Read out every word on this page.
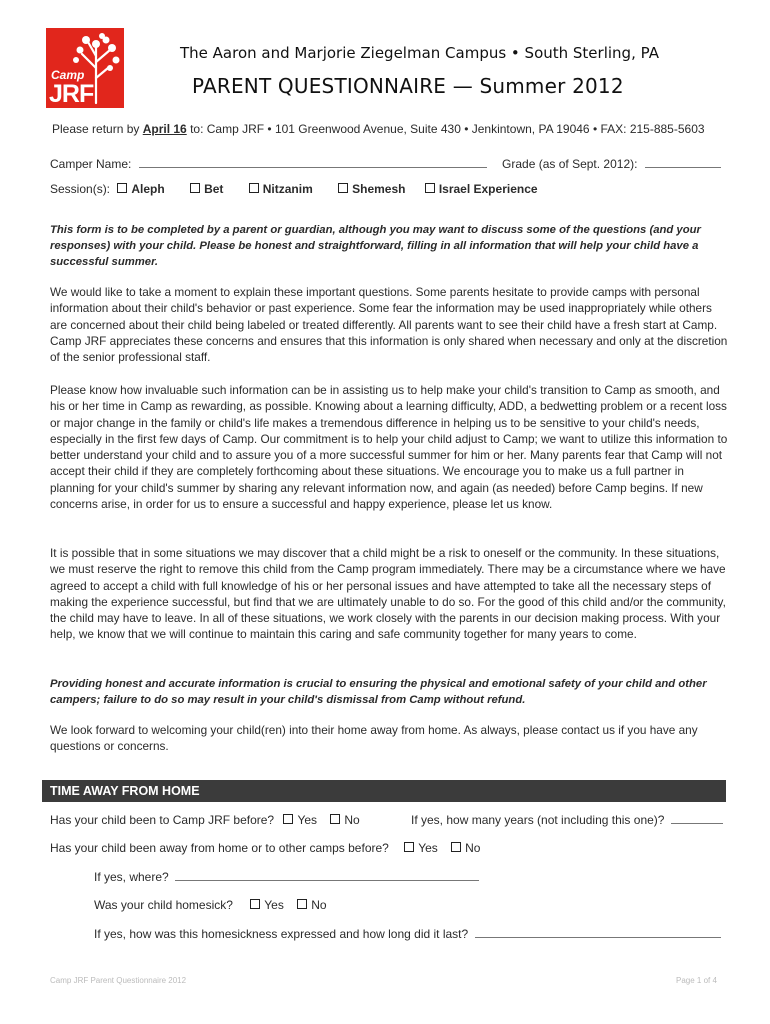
Camp
JRF
The Aaron and Marjorie Ziegelman Campus • South Sterling, PA
PARENT QUESTIONNAIRE — Summer 2012
Please return by April 16 to: Camp JRF • 101 Greenwood Avenue, Suite 430 • Jenkintown, PA 19046 • FAX: 215-885-5603
Camper Name:	Grade (as of Sept. 2012):
Session(s): Aleph	Bet	Nitzanim	Shemesh	Israel Experience
This form is to be completed by a parent or guardian, although you may want to discuss some of the questions (and your responses) with your child. Please be honest and straightforward, filling in all information that will help your child have a successful summer.
We would like to take a moment to explain these important questions. Some parents hesitate to provide camps with personal information about their child's behavior or past experience. Some fear the information may be used inappropriately while others are concerned about their child being labeled or treated differently. All parents want to see their child have a fresh start at Camp. Camp JRF appreciates these concerns and ensures that this information is only shared when necessary and only at the discretion of the senior professional staff.
Please know how invaluable such information can be in assisting us to help make your child's transition to Camp as smooth, and his or her time in Camp as rewarding, as possible. Knowing about a learning difficulty, ADD, a bedwetting problem or a recent loss or major change in the family or child's life makes a tremendous difference in helping us to be sensitive to your child's needs, especially in the first few days of Camp. Our commitment is to help your child adjust to Camp; we want to utilize this information to better understand your child and to assure you of a more successful summer for him or her. Many parents fear that Camp will not accept their child if they are completely forthcoming about these situations. We encourage you to make us a full partner in planning for your child's summer by sharing any relevant information now, and again (as needed) before Camp begins. If new concerns arise, in order for us to ensure a successful and happy experience, please let us know.
It is possible that in some situations we may discover that a child might be a risk to oneself or the community. In these situations, we must reserve the right to remove this child from the Camp program immediately. There may be a circumstance where we have agreed to accept a child with full knowledge of his or her personal issues and have attempted to take all the necessary steps of making the experience successful, but find that we are ultimately unable to do so. For the good of this child and/or the community, the child may have to leave. In all of these situations, we work closely with the parents in our decision making process. With your help, we know that we will continue to maintain this caring and safe community together for many years to come.
Providing honest and accurate information is crucial to ensuring the physical and emotional safety of your child and other campers; failure to do so may result in your child's dismissal from Camp without refund.
We look forward to welcoming your child(ren) into their home away from home. As always, please contact us if you have any questions or concerns.
TIME AWAY FROM HOME
Has your child been to Camp JRF before? Yes No	If yes, how many years (not including this one)?
Has your child been away from home or to other camps before? Yes No
If yes, where?
Was your child homesick?	Yes No
If yes, how was this homesickness expressed and how long did it last?
Camp JRF Parent Questionnaire 2012	Page 1 of 4
